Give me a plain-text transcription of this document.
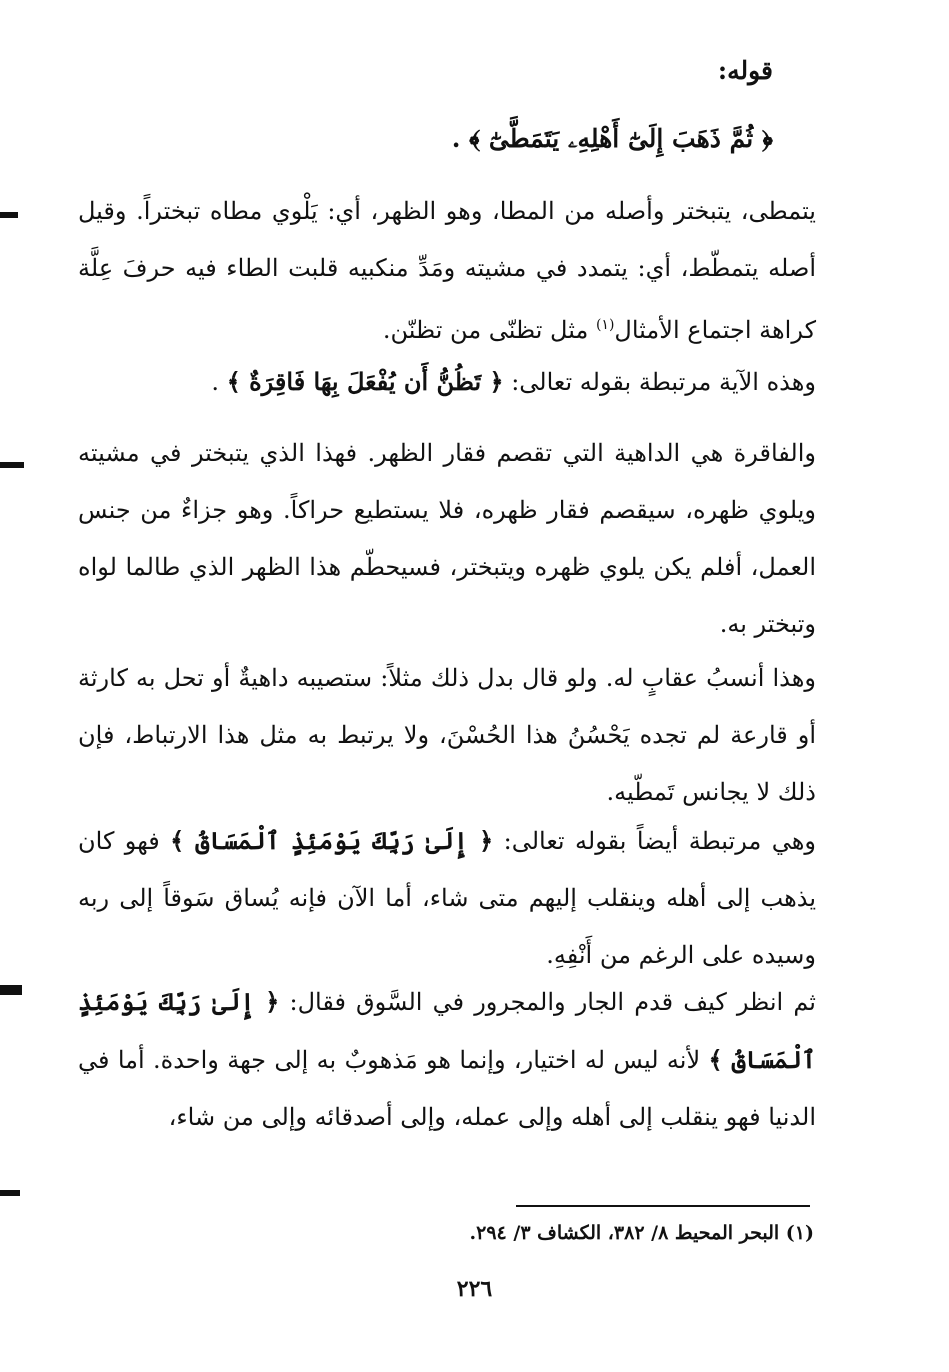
قوله:
﴿ ثُمَّ ذَهَبَ إِلَىٰٓ أَهْلِهِۦ يَتَمَطَّىٰٓ ﴾ .

يتمطى، يتبختر وأصله من المطا، وهو الظهر، أي: يَلْوي مطاه تبختراً. وقيل أصله يتمطّط، أي: يتمدد في مشيته ومَدِّ منكبيه قلبت الطاء فيه حرفَ عِلَّة كراهة اجتماع الأمثال$^{(١)}$ مثل تظنّى من تظنّن.

وهذه الآية مرتبطة بقوله تعالى: ﴿ تَظُنُّ أَن يُفْعَلَ بِهَا فَاقِرَةٌ ﴾ .

والفاقرة هي الداهية التي تقصم فقار الظهر. فهذا الذي يتبختر في مشيته ويلوي ظهره، سيقصم فقار ظهره، فلا يستطيع حراكاً. وهو جزاءٌ من جنس العمل، أفلم يكن يلوي ظهره ويتبختر، فسيحطّم هذا الظهر الذي طالما لواه وتبختر به.

وهذا أنسبُ عقابٍ له. ولو قال بدل ذلك مثلاً: ستصيبه داهيةٌ أو تحل به كارثة أو قارعة لم تجده يَحْسُنُ هذا الحُسْنَ، ولا يرتبط به مثل هذا الارتباط، فإن ذلك لا يجانس تَمطّيه.

وهي مرتبطة أيضاً بقوله تعالى: ﴿ إِلَىٰ رَبِّكَ يَوْمَئِذٍ ٱلْمَسَاقُ ﴾ فهو كان يذهب إلى أهله وينقلب إليهم متى شاء، أما الآن فإنه يُساق سَوقاً إلى ربه وسيده على الرغم من أَنْفِهِ.

ثم انظر كيف قدم الجار والمجرور في السَّوق فقال: ﴿ إِلَىٰ رَبِّكَ يَوْمَئِذٍ ٱلْمَسَاقُ ﴾ لأنه ليس له اختيار، وإنما هو مَذهوبٌ به إلى جهة واحدة. أما في الدنيا فهو ينقلب إلى أهله وإلى عمله، وإلى أصدقائه وإلى من شاء،

(١) البحر المحيط ٨/ ٣٨٢، الكشاف ٣/ ٢٩٤.
٢٢٦
